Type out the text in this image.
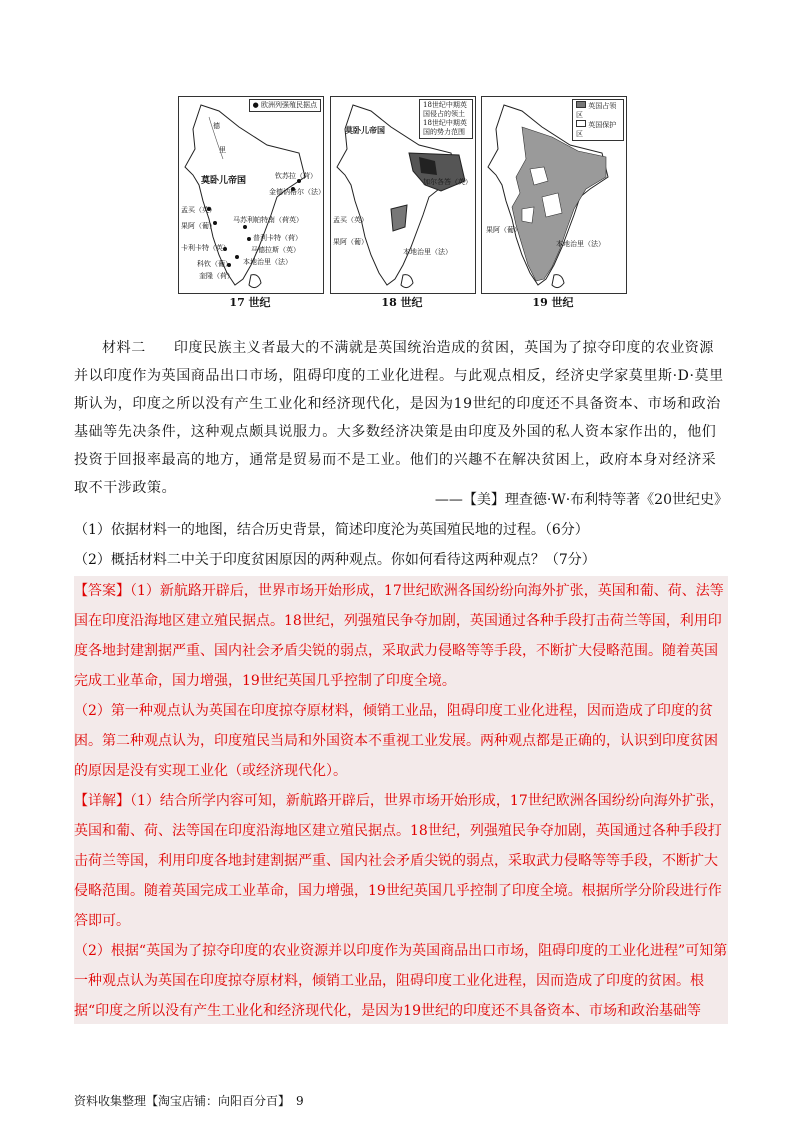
● 欧洲列强殖民据点
德
里
莫卧儿帝国	钦苏拉（荷）
金德讷格尔（法）
孟买（英）
果阿（葡）
马苏利帕特南（荷英）
普利卡特（荷）
马德拉斯（英）
卡利卡特（英）
本地治里（法）
科钦（葡）
奎隆（荷）
17 世纪
18世纪中期英国侵占的领土
18世纪中期英国的势力范围
莫卧儿帝国
加尔各答（英）
孟买（英）
果阿（葡）
本地治里（法）
18 世纪
英国占领区
英国保护区
果阿（葡）
本地治里（法）
19 世纪
材料二 印度民族主义者最大的不满就是英国统治造成的贫困，英国为了掠夺印度的农业资源并以印度作为英国商品出口市场，阻碍印度的工业化进程。与此观点相反，经济史学家莫里斯·D·莫里斯认为，印度之所以没有产生工业化和经济现代化，是因为19世纪的印度还不具备资本、市场和政治基础等先决条件，这种观点颇具说服力。大多数经济决策是由印度及外国的私人资本家作出的，他们投资于回报率最高的地方，通常是贸易而不是工业。他们的兴趣不在解决贫困上，政府本身对经济采取不干涉政策。
——【美】理查德·W·布利特等著《20世纪史》
（1）依据材料一的地图，结合历史背景，简述印度沦为英国殖民地的过程。（6分）
（2）概括材料二中关于印度贫困原因的两种观点。你如何看待这两种观点？（7分）
【答案】（1）新航路开辟后，世界市场开始形成，17世纪欧洲各国纷纷向海外扩张，英国和葡、荷、法等国在印度沿海地区建立殖民据点。18世纪，列强殖民争夺加剧，英国通过各种手段打击荷兰等国，利用印度各地封建割据严重、国内社会矛盾尖锐的弱点，采取武力侵略等等手段，不断扩大侵略范围。随着英国完成工业革命，国力增强，19世纪英国几乎控制了印度全境。
（2）第一种观点认为英国在印度掠夺原材料，倾销工业品，阻碍印度工业化进程，因而造成了印度的贫困。第二种观点认为，印度殖民当局和外国资本不重视工业发展。两种观点都是正确的，认识到印度贫困的原因是没有实现工业化（或经济现代化）。
【详解】（1）结合所学内容可知，新航路开辟后，世界市场开始形成，17世纪欧洲各国纷纷向海外扩张，英国和葡、荷、法等国在印度沿海地区建立殖民据点。18世纪，列强殖民争夺加剧，英国通过各种手段打击荷兰等国，利用印度各地封建割据严重、国内社会矛盾尖锐的弱点，采取武力侵略等等手段，不断扩大侵略范围。随着英国完成工业革命，国力增强，19世纪英国几乎控制了印度全境。根据所学分阶段进行作答即可。
（2）根据“英国为了掠夺印度的农业资源并以印度作为英国商品出口市场，阻碍印度的工业化进程”可知第一种观点认为英国在印度掠夺原材料，倾销工业品，阻碍印度工业化进程，因而造成了印度的贫困。根据“印度之所以没有产生工业化和经济现代化，是因为19世纪的印度还不具备资本、市场和政治基础等
资料收集整理【淘宝店铺：向阳百分百】　9
